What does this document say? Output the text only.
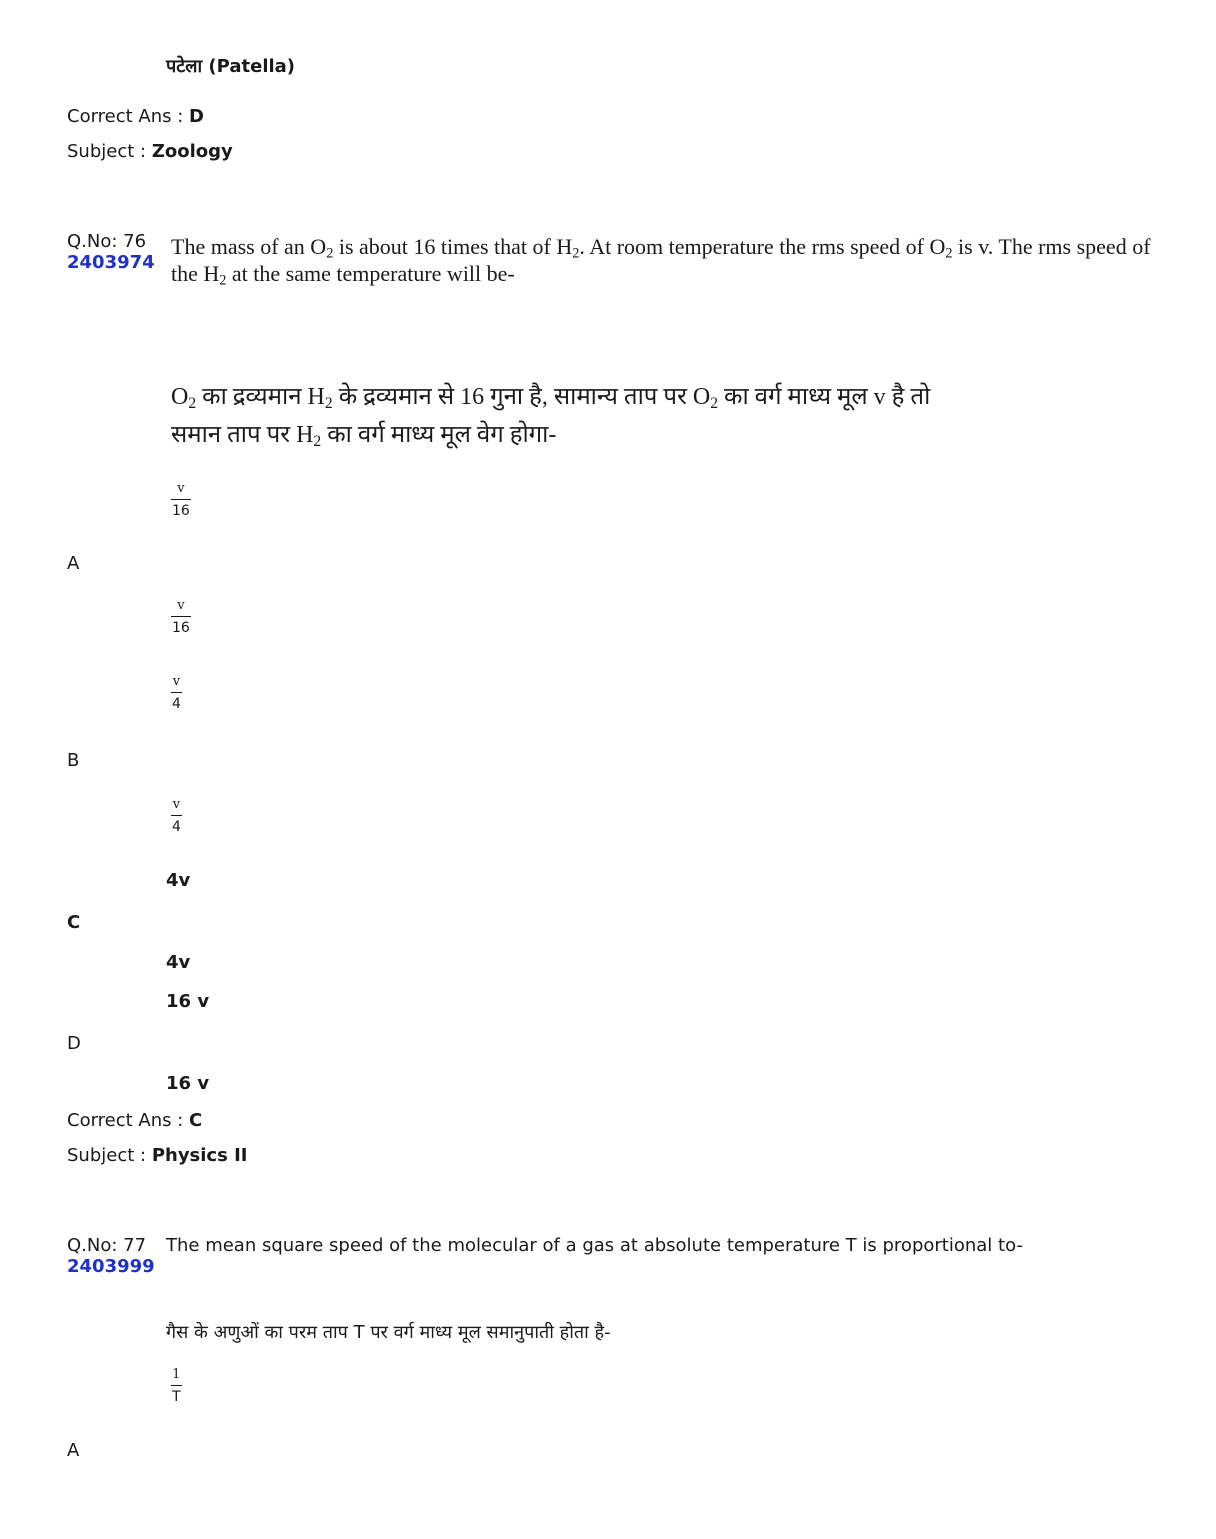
पटेला (Patella)
Correct Ans : D
Subject : Zoology
Q.No: 76
2403974
The mass of an $O_2$ is about 16 times that of $H_2$. At room temperature the rms speed of $O_2$ is v. The rms speed of the $H_2$ at the same temperature will be-
$O_2$ का द्रव्यमान $H_2$ के द्रव्यमान से 16 गुना है, सामान्य ताप पर $O_2$ का वर्ग माध्य मूल v है तो
समान ताप पर $H_2$ का वर्ग माध्य मूल वेग होगा-
$\frac{v}{16}$
A
$\frac{v}{16}$
$\frac{v}{4}$
B
$\frac{v}{4}$
4v
C
4v
16 v
D
16 v
Correct Ans : C
Subject : Physics II
Q.No: 77
2403999
The mean square speed of the molecular of a gas at absolute temperature T is proportional to-
गैस के अणुओं का परम ताप T पर वर्ग माध्य मूल समानुपाती होता है-
$\frac{1}{T}$
A
